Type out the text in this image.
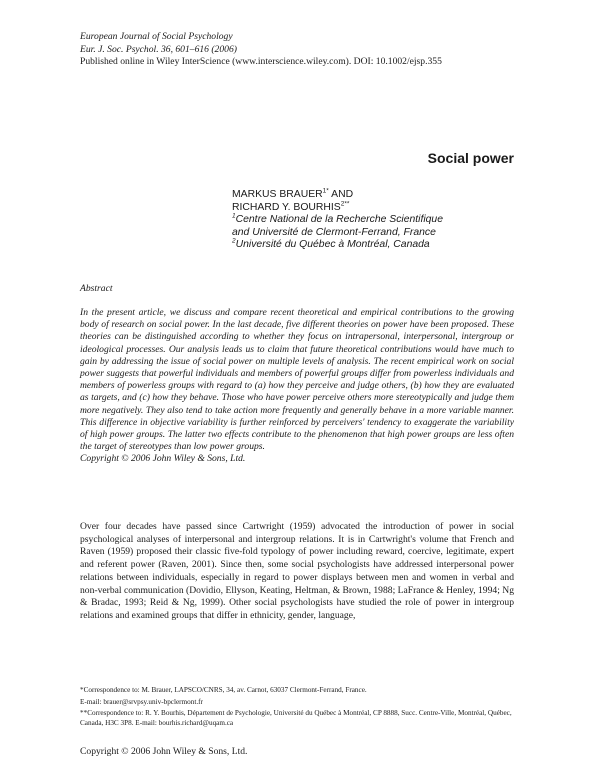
European Journal of Social Psychology
Eur. J. Soc. Psychol. 36, 601–616 (2006)
Published online in Wiley InterScience (www.interscience.wiley.com). DOI: 10.1002/ejsp.355
Social power
MARKUS $BRAUER^{1*}$ AND
RICHARD Y. $BOURHIS^{2**}$
$^1$Centre National de la Recherche Scientifique
and Université de Clermont-Ferrand, France
$^2$Université du Québec à Montréal, Canada
Abstract
In the present article, we discuss and compare recent theoretical and empirical contributions to the growing body of research on social power. In the last decade, five different theories on power have been proposed. These theories can be distinguished according to whether they focus on intrapersonal, interpersonal, intergroup or ideological processes. Our analysis leads us to claim that future theoretical contributions would have much to gain by addressing the issue of social power on multiple levels of analysis. The recent empirical work on social power suggests that powerful individuals and members of powerful groups differ from powerless individuals and members of powerless groups with regard to (a) how they perceive and judge others, (b) how they are evaluated as targets, and (c) how they behave. Those who have power perceive others more stereotypically and judge them more negatively. They also tend to take action more frequently and generally behave in a more variable manner. This difference in objective variability is further reinforced by perceivers' tendency to exaggerate the variability of high power groups. The latter two effects contribute to the phenomenon that high power groups are less often the target of stereotypes than low power groups.
Copyright © 2006 John Wiley & Sons, Ltd.
Over four decades have passed since Cartwright (1959) advocated the introduction of power in social psychological analyses of interpersonal and intergroup relations. It is in Cartwright's volume that French and Raven (1959) proposed their classic five-fold typology of power including reward, coercive, legitimate, expert and referent power (Raven, 2001). Since then, some social psychologists have addressed interpersonal power relations between individuals, especially in regard to power displays between men and women in verbal and non-verbal communication (Dovidio, Ellyson, Keating, Heltman, & Brown, 1988; LaFrance & Henley, 1994; Ng & Bradac, 1993; Reid & Ng, 1999). Other social psychologists have studied the role of power in intergroup relations and examined groups that differ in ethnicity, gender, language,

*Correspondence to: M. Brauer, LAPSCO/CNRS, 34, av. Carnot, 63037 Clermont-Ferrand, France.

E-mail: brauer@srvpsy.univ-bpclermont.fr

**Correspondence to: R. Y. Bourhis, Département de Psychologie, Université du Québec à Montréal, CP 8888, Succ. Centre-Ville, Montréal, Québec, Canada, H3C 3P8. E-mail: bourhis.richard@uqam.ca

Copyright © 2006 John Wiley & Sons, Ltd.
